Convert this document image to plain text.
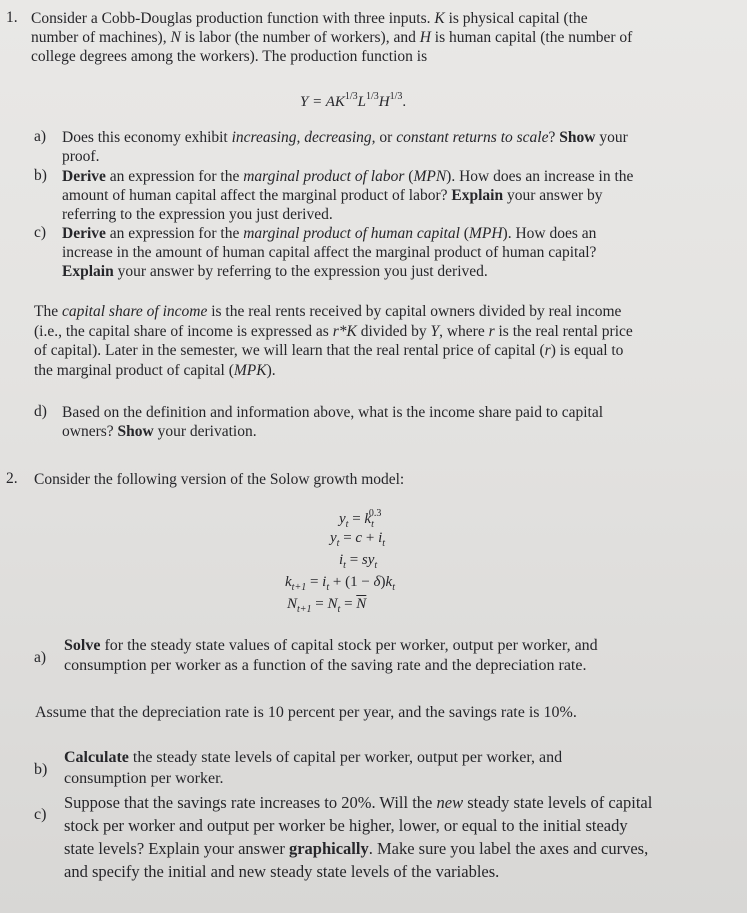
1. Consider a Cobb-Douglas production function with three inputs. K is physical capital (the
number of machines), N is labor (the number of workers), and H is human capital (the number of
college degrees among the workers). The production function is
$Y = AK^{1/3}L^{1/3}H^{1/3}$.
a) Does this economy exhibit increasing, decreasing, or constant returns to scale? Show your
proof.
b) Derive an expression for the marginal product of labor (MPN). How does an increase in the
amount of human capital affect the marginal product of labor? Explain your answer by
referring to the expression you just derived.
c) Derive an expression for the marginal product of human capital (MPH). How does an
increase in the amount of human capital affect the marginal product of human capital?
Explain your answer by referring to the expression you just derived.
The capital share of income is the real rents received by capital owners divided by real income
(i.e., the capital share of income is expressed as r*K divided by Y, where r is the real rental price
of capital). Later in the semester, we will learn that the real rental price of capital (r) is equal to
the marginal product of capital (MPK).
d) Based on the definition and information above, what is the income share paid to capital
owners? Show your derivation.
2. Consider the following version of the Solow growth model:
$y_t = k_t^{0.3}$
$y_t = c + i_t$
$i_t = sy_t$
$k_{t+1} = i_t + (1 - \delta)k_t$
$N_{t+1} = N_t = \overline{N}$
a)
Solve for the steady state values of capital stock per worker, output per worker, and
consumption per worker as a function of the saving rate and the depreciation rate.
Assume that the depreciation rate is 10 percent per year, and the savings rate is 10%.
b)
Calculate the steady state levels of capital per worker, output per worker, and
consumption per worker.
c)
Suppose that the savings rate increases to 20%. Will the new steady state levels of capital
stock per worker and output per worker be higher, lower, or equal to the initial steady
state levels? Explain your answer graphically. Make sure you label the axes and curves,
and specify the initial and new steady state levels of the variables.
